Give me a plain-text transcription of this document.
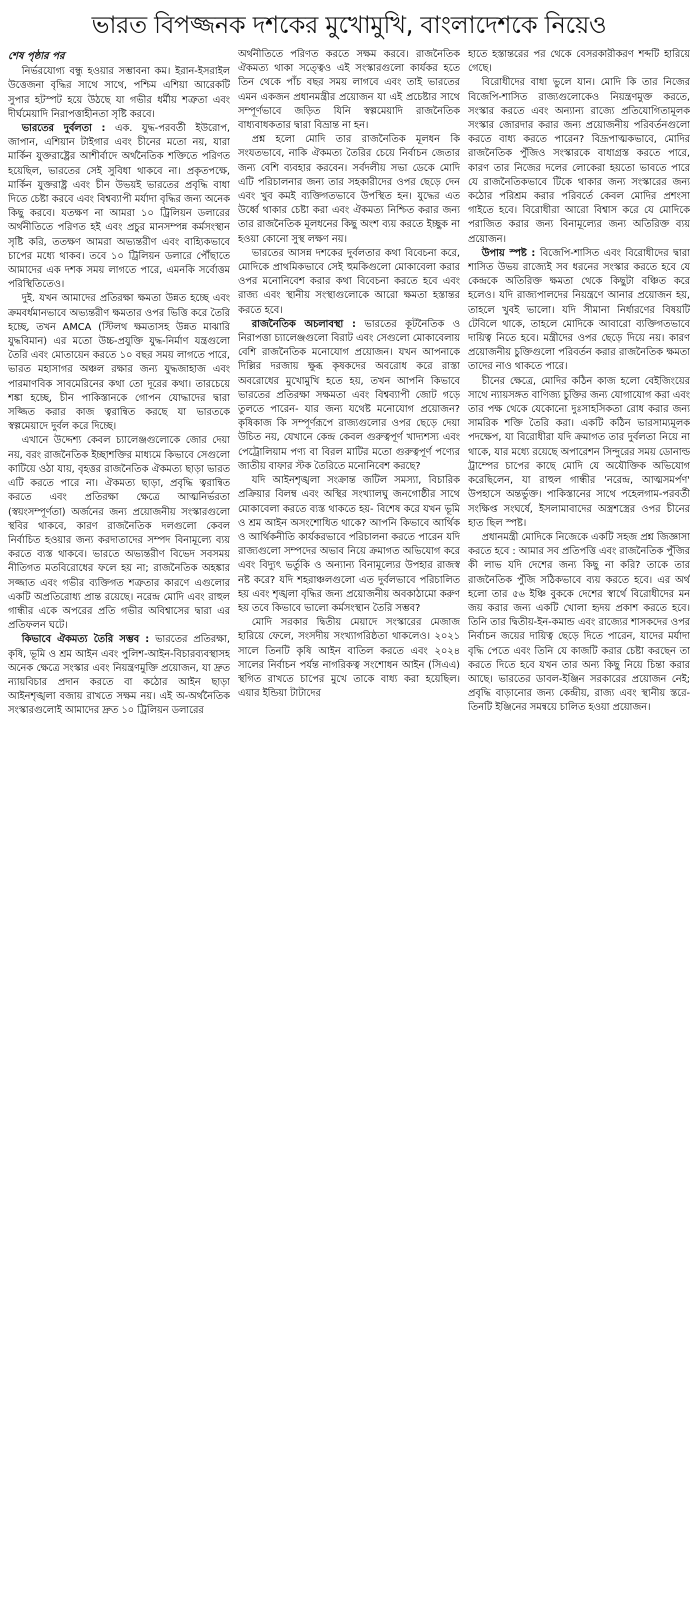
ভারত বিপজ্জনক দশকের মুখোমুখি, বাংলাদেশকে নিয়েও
শেষ পৃষ্ঠার পর

নির্ভরযোগ্য বন্ধু হওয়ার সম্ভাবনা কম। ইরান-ইসরাইল উত্তেজনা বৃদ্ধির সাথে সাথে, পশ্চিম এশিয়া আরেকটি সুপার হটস্পট হয়ে উঠছে যা গভীর ধর্মীয় শত্রুতা এবং দীর্ঘমেয়াদি নিরাপত্তাহীনতা সৃষ্টি করবে।

ভারতের দুর্বলতা : এক. যুদ্ধ-পরবর্তী ইউরোপ, জাপান, এশিয়ান টাইগার এবং চীনের মতো নয়, যারা মার্কিন যুক্তরাষ্ট্রের আশীর্বাদে অর্থনৈতিক শক্তিতে পরিণত হয়েছিল, ভারতের সেই সুবিধা থাকবে না। প্রকৃতপক্ষে, মার্কিন যুক্তরাষ্ট্র এবং চীন উভয়ই ভারতের প্রবৃদ্ধি বাধা দিতে চেষ্টা করবে এবং বিশ্বব্যাপী মর্যাদা বৃদ্ধির জন্য অনেক কিছু করবে। যতক্ষণ না আমরা ১০ ট্রিলিয়ন ডলারের অর্থনীতিতে পরিণত হই এবং প্রচুর মানসম্পন্ন কর্মসংস্থান সৃষ্টি করি, ততক্ষণ আমরা অভ্যন্তরীণ এবং বাহ্যিকভাবে চাপের মধ্যে থাকব। তবে ১০ ট্রিলিয়ন ডলারে পৌঁছাতে আমাদের এক দশক সময় লাগতে পারে, এমনকি সর্বোত্তম পরিস্থিতিতেও।

দুই. যখন আমাদের প্রতিরক্ষা ক্ষমতা উন্নত হচ্ছে এবং ক্রমবর্ধমানভাবে অভ্যন্তরীণ ক্ষমতার ওপর ভিত্তি করে তৈরি হচ্ছে, তখন AMCA (স্টিলথ ক্ষমতাসহ উন্নত মাঝারি যুদ্ধবিমান) এর মতো উচ্চ-প্রযুক্তি যুদ্ধ-নির্মাণ যন্ত্রগুলো তৈরি এবং মোতায়েন করতে ১০ বছর সময় লাগতে পারে, ভারত মহাসাগর অঞ্চল রক্ষার জন্য যুদ্ধজাহাজ এবং পারমাণবিক সাবমেরিনের কথা তো দূরের কথা। তারচেয়ে শঙ্কা হচ্ছে, চীন পাকিস্তানকে গোপন যোদ্ধাদের দ্বারা সজ্জিত করার কাজ ত্বরান্বিত করছে যা ভারতকে স্বল্পমেয়াদে দুর্বল করে দিচ্ছে।

এখানে উদ্দেশ্য কেবল চ্যালেঞ্জগুলোকে জোর দেয়া নয়, বরং রাজনৈতিক ইচ্ছাশক্তির মাধ্যমে কিভাবে সেগুলো কাটিয়ে ওঠা যায়, বৃহত্তর রাজনৈতিক ঐকমত্য ছাড়া ভারত এটি করতে পারে না। ঐকমত্য ছাড়া, প্রবৃদ্ধি ত্বরান্বিত করতে এবং প্রতিরক্ষা ক্ষেত্রে আত্মনির্ভরতা (স্বয়ংসম্পূর্ণতা) অর্জনের জন্য প্রয়োজনীয় সংস্কারগুলো স্থবির থাকবে, কারণ রাজনৈতিক দলগুলো কেবল নির্বাচিত হওয়ার জন্য করদাতাদের সম্পদ বিনামূল্যে ব্যয় করতে ব্যস্ত থাকবে। ভারতে অভ্যন্তরীণ বিভেদ সবসময় নীতিগত মতবিরোধের ফলে হয় না; রাজনৈতিক অহঙ্কার সজ্জাত এবং গভীর ব্যক্তিগত শত্রুতার কারণে এগুলোর একটি অপ্রতিরোধ্য প্রান্ত রয়েছে। নরেন্দ্র মোদি এবং রাহুল গান্ধীর একে অপরের প্রতি গভীর অবিশ্বাসের দ্বারা এর প্রতিফলন ঘটে।

কিভাবে ঐকমত্য তৈরি সম্ভব : ভারতের প্রতিরক্ষা, কৃষি, ভূমি ও শ্রম আইন এবং পুলিশ-আইন-বিচারব্যবস্থাসহ অনেক ক্ষেত্রে সংস্কার এবং নিয়ন্ত্রণমুক্তি প্রয়োজন, যা দ্রুত ন্যায়বিচার প্রদান করতে বা কঠোর আইন ছাড়া আইনশৃঙ্খলা বজায় রাখতে সক্ষম নয়। এই অ-অর্থনৈতিক সংস্কারগুলোই আমাদের দ্রুত ১০ ট্রিলিয়ন ডলারের

অর্থনীতিতে পরিণত করতে সক্ষম করবে। রাজনৈতিক ঐকমত্য থাকা সত্ত্বেও এই সংস্কারগুলো কার্যকর হতে তিন থেকে পাঁচ বছর সময় লাগবে এবং তাই ভারতের এমন একজন প্রধানমন্ত্রীর প্রয়োজন যা এই প্রচেষ্টার সাথে সম্পূর্ণভাবে জড়িত যিনি স্বল্পমেয়াদি রাজনৈতিক বাধ্যবাধকতার দ্বারা বিভ্রান্ত না হন।

প্রশ্ন হলো মোদি তার রাজনৈতিক মূলধন কি সংযতভাবে, নাকি ঐকমত্য তৈরির চেয়ে নির্বাচন জেতার জন্য বেশি ব্যবহার করবেন। সর্বদলীয় সভা ডেকে মোদি এটি পরিচালনার জন্য তার সহকারীদের ওপর ছেড়ে দেন এবং খুব কমই ব্যক্তিগতভাবে উপস্থিত হন। যুদ্ধের এত উর্ধ্বে থাকার চেষ্টা করা এবং ঐকমত্য নিশ্চিত করার জন্য তার রাজনৈতিক মূলধনের কিছু অংশ ব্যয় করতে ইচ্ছুক না হওয়া কোনো সুস্থ লক্ষণ নয়।

ভারতের আসন্ন দশকের দুর্বলতার কথা বিবেচনা করে, মোদিকে প্রাথমিকভাবে সেই হুমকিগুলো মোকাবেলা করার ওপর মনোনিবেশ করার কথা বিবেচনা করতে হবে এবং রাজ্য এবং স্থানীয় সংস্থাগুলোকে আরো ক্ষমতা হস্তান্তর করতে হবে।

রাজনৈতিক অচলাবস্থা : ভারতের কূটনৈতিক ও নিরাপত্তা চ্যালেঞ্জগুলো বিরাট এবং সেগুলো মোকাবেলায় বেশি রাজনৈতিক মনোযোগ প্রয়োজন। যখন আপনাকে দিল্লির দরজায় ক্ষুব্ধ কৃষকদের অবরোধ করে রাস্তা অবরোধের মুখোমুখি হতে হয়, তখন আপনি কিভাবে ভারতের প্রতিরক্ষা সক্ষমতা এবং বিশ্বব্যাপী জোট গড়ে তুলতে পারেন- যার জন্য যথেষ্ট মনোযোগ প্রয়োজন? কৃষিকাজ কি সম্পূর্ণরূপে রাজ্যগুলোর ওপর ছেড়ে দেয়া উচিত নয়, যেখানে কেন্দ্র কেবল গুরুত্বপূর্ণ খাদ্যশস্য এবং পেট্রোলিয়াম পণ্য বা বিরল মাটির মতো গুরুত্বপূর্ণ পণ্যের জাতীয় বাফার স্টক তৈরিতে মনোনিবেশ করছে?

যদি আইনশৃঙ্খলা সংক্রান্ত জটিল সমস্যা, বিচারিক প্রক্রিয়ার বিলম্ব এবং অস্থির সংখ্যালঘু জনগোষ্ঠীর সাথে মোকাবেলা করতে ব্যস্ত থাকতে হয়- বিশেষ করে যখন ভূমি ও শ্রম আইন অসংশোধিত থাকে? আপনি কিভাবে আর্থিক ও আর্থিকনীতি কার্যকরভাবে পরিচালনা করতে পারেন যদি রাজ্যগুলো সম্পদের অভাব নিয়ে ক্রমাগত অভিযোগ করে এবং বিদ্যুৎ ভর্তুকি ও অন্যান্য বিনামূল্যের উপহার রাজস্ব নষ্ট করে? যদি শহরাঞ্চলগুলো এত দুর্বলভাবে পরিচালিত হয় এবং শৃঙ্খলা বৃদ্ধির জন্য প্রয়োজনীয় অবকাঠামো করুণ হয় তবে কিভাবে ভালো কর্মসংস্থান তৈরি সম্ভব?

মোদি সরকার দ্বিতীয় মেয়াদে সংস্কারের মেজাজ হারিয়ে ফেলে, সংসদীয় সংখ্যাগরিষ্ঠতা থাকলেও। ২০২১ সালে তিনটি কৃষি আইন বাতিল করতে এবং ২০২৪ সালের নির্বাচন পর্যন্ত নাগরিকত্ব সংশোধন আইন (সিএএ) স্থগিত রাখতে চাপের মুখে তাকে বাধ্য করা হয়েছিল। এয়ার ইন্ডিয়া টাটাদের

হাতে হস্তান্তরের পর থেকে বেসরকারীকরণ শব্দটি হারিয়ে গেছে।

বিরোধীদের বাধা ভুলে যান। মোদি কি তার নিজের বিজেপি-শাসিত রাজ্যগুলোকেও নিয়ন্ত্রণমুক্ত করতে, সংস্কার করতে এবং অন্যান্য রাজ্যে প্রতিযোগিতামূলক সংস্কার জোরদার করার জন্য প্রয়োজনীয় পরিবর্তনগুলো করতে বাধ্য করতে পারেন? বিদ্রূপাত্মকভাবে, মোদির রাজনৈতিক পুঁজিও সংস্কারকে বাধাগ্রস্ত করতে পারে, কারণ তার নিজের দলের লোকেরা হয়তো ভাবতে পারে যে রাজনৈতিকভাবে টিকে থাকার জন্য সংস্কারের জন্য কঠোর পরিশ্রম করার পরিবর্তে কেবল মোদির প্রশংসা গাইতে হবে। বিরোধীরা আরো বিশ্বাস করে যে মোদিকে পরাজিত করার জন্য বিনামূল্যের জন্য অতিরিক্ত ব্যয় প্রয়োজন।

উপায় স্পষ্ট : বিজেপি-শাসিত এবং বিরোধীদের দ্বারা শাসিত উভয় রাজ্যেই সব ধরনের সংস্কার করতে হবে যে কেন্দ্রকে অতিরিক্ত ক্ষমতা থেকে কিছুটা বঞ্চিত করে হলেও। যদি রাজ্যপালদের নিয়ন্ত্রণে আনার প্রয়োজন হয়, তাহলে খুবই ভালো। যদি সীমানা নির্ধারণের বিষয়টি টেবিলে থাকে, তাহলে মোদিকে আবারো ব্যক্তিগতভাবে দায়িত্ব নিতে হবে। মন্ত্রীদের ওপর ছেড়ে দিয়ে নয়। কারণ প্রয়োজনীয় চুক্তিগুলো পরিবর্তন করার রাজনৈতিক ক্ষমতা তাদের নাও থাকতে পারে।

চীনের ক্ষেত্রে, মোদির কঠিন কাজ হলো বেইজিংয়ের সাথে ন্যায়সঙ্গত বাণিজ্য চুক্তির জন্য যোগাযোগ করা এবং তার পক্ষ থেকে যেকোনো দুঃসাহসিকতা রোধ করার জন্য সামরিক শক্তি তৈরি করা। একটি কঠিন ভারসাম্যমূলক পদক্ষেপ, যা বিরোধীরা যদি ক্রমাগত তার দুর্বলতা নিয়ে না থাকে, যার মধ্যে রয়েছে অপারেশন সিন্দুরের সময় ডোনাল্ড ট্রাম্পের চাপের কাছে মোদি যে অযৌক্তিক অভিযোগ করেছিলেন, যা রাহুল গান্ধীর 'নরেন্দ্র, আত্মসমর্পণ' উপহাসে অন্তর্ভুক্ত। পাকিস্তানের সাথে পহেলগাম-পরবর্তী সংক্ষিপ্ত সংঘর্ষে, ইসলামাবাদের অস্ত্রশস্ত্রের ওপর চীনের হাত ছিল স্পষ্ট।

প্রধানমন্ত্রী মোদিকে নিজেকে একটি সহজ প্রশ্ন জিজ্ঞাসা করতে হবে : আমার সব প্রতিপত্তি এবং রাজনৈতিক পুঁজির কী লাভ যদি দেশের জন্য কিছু না করি? তাকে তার রাজনৈতিক পুঁজি সঠিকভাবে ব্যয় করতে হবে। এর অর্থ হলো তার ৫৬ ইঞ্চি বুককে দেশের স্বার্থে বিরোধীদের মন জয় করার জন্য একটি খোলা হৃদয় প্রকাশ করতে হবে। তিনি তার দ্বিতীয়-ইন-কমান্ড এবং রাজ্যের শাসকদের ওপর নির্বাচন জয়ের দায়িত্ব ছেড়ে দিতে পারেন, যাদের মর্যাদা বৃদ্ধি পেতে এবং তিনি যে কাজটি করার চেষ্টা করছেন তা করতে দিতে হবে যখন তার অন্য কিছু নিয়ে চিন্তা করার আছে। ভারতের ডাবল-ইঞ্জিন সরকারের প্রয়োজন নেই; প্রবৃদ্ধি বাড়ানোর জন্য কেন্দ্রীয়, রাজ্য এবং স্থানীয় স্তরে- তিনটি ইঞ্জিনের সমন্বয়ে চালিত হওয়া প্রয়োজন।
